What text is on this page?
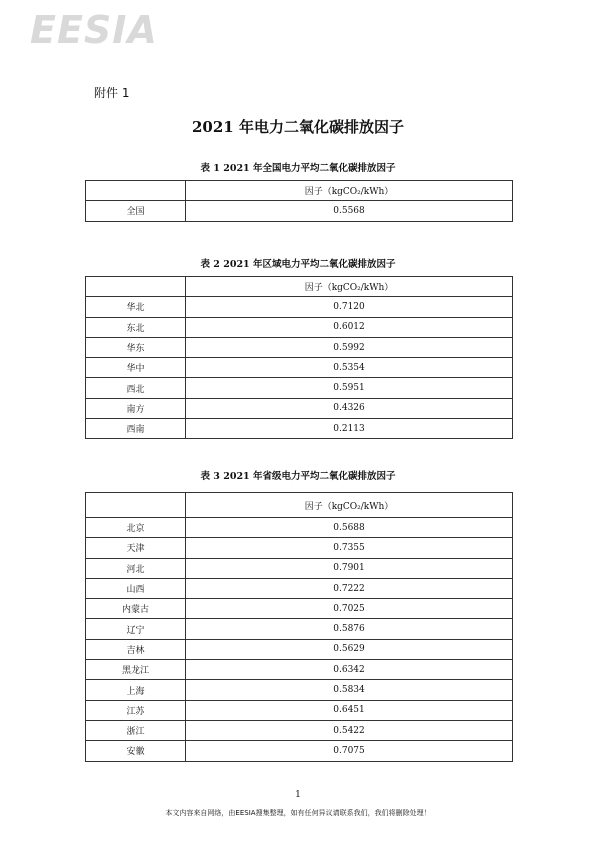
EESIA
附件 1
2021 年电力二氧化碳排放因子
表 1 2021 年全国电力平均二氧化碳排放因子
	因子（kgCO₂/kWh）
全国	0.5568
表 2 2021 年区域电力平均二氧化碳排放因子
	因子（kgCO₂/kWh）
华北	0.7120
东北	0.6012
华东	0.5992
华中	0.5354
西北	0.5951
南方	0.4326
西南	0.2113
表 3 2021 年省级电力平均二氧化碳排放因子
	因子（kgCO₂/kWh）
北京	0.5688
天津	0.7355
河北	0.7901
山西	0.7222
内蒙古	0.7025
辽宁	0.5876
吉林	0.5629
黑龙江	0.6342
上海	0.5834
江苏	0.6451
浙江	0.5422
安徽	0.7075
1
本文内容来自网络，由EESIA搜集整理，如有任何异议请联系我们，我们将删除处理！
